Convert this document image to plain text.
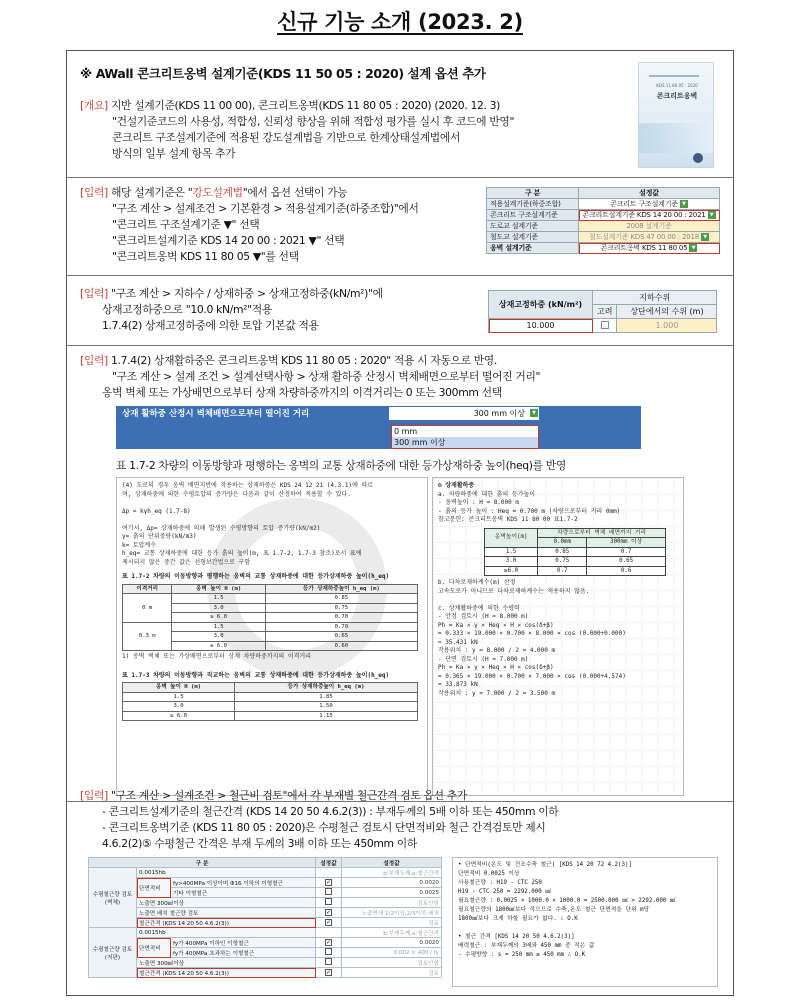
신규 기능 소개 (2023. 2)
※ AWall 콘크리트옹벽 설계기준(KDS 11 50 05 : 2020) 설계 옵션 추가
[개요] 지반 설계기준(KDS 11 00 00), 콘크리트옹벽(KDS 11 80 05 : 2020) (2020. 12. 3)
"건설기준코드의 사용성, 적합성, 신뢰성 향상을 위해 적합성 평가를 실시 후 코드에 반영"
콘크리트 구조설계기준에 적용된 강도설계법을 기반으로 한계상태설계법에서
방식의 일부 설계 항목 추가
KDS 11 80 05 : 2020
콘크리트옹벽
[입력] 해당 설계기준은 "강도설계법"에서 옵션 선택이 가능
"구조 계산 > 설계조건 > 기본환경 > 적용설계기준(하중조합)"에서
"콘크리트 구조설계기준 ▼" 선택
"콘크리트설계기준 KDS 14 20 00 : 2021 ▼" 선택
"콘크리트옹벽 KDS 11 80 05 ▼"를 선택
구 분	설정값
적용설계기준(하중조합)	콘크리트 구조설계기준 ▼
콘크리트 구조설계기준	콘크리트설계기준 KDS 14 20 00 : 2021 ▼
도로교 설계기준	2008 설계기준
철도교 설계기준	철도설계기준 KDS 47 00 00 : 2018 ▼
옹벽 설계기준	콘크리트옹벽 KDS 11 80 05 ▼
[입력] "구조 계산 > 지하수 / 상재하중 > 상재고정하중(kN/m²)"에
상재고정하중으로 "10.0 kN/m²"적용
1.7.4(2) 상재고정하중에 의한 토압 기본값 적용
상재고정하중 (kN/m²)	지하수위	
	고려	상단에서의 수위 (m)
10.000		1.000
[입력] 1.7.4(2) 상재활하중은 콘크리트옹벽 KDS 11 80 05 : 2020" 적용 시 자동으로 반영.
"구조 계산 > 설계 조건 > 설계선택사항 > 상재 활하중 산정시 벽체배면으로부터 떨어진 거리"
옹벽 벽체 또는 가상배면으로부터 상재 차량하중까지의 이격거리는 0 또는 300mm 선택
상재 활하중 산정시 벽체배면으로부터 떨어진 거리	300 mm 이상	▼
0 mm
300 mm 이상
표 1.7-2 차량의 이동방향과 평행하는 옹벽의 교통 상재하중에 대한 등가상재하중 높이(heq)를 반영
(4) 도로의 경우 옹벽 배면지반에 작용하는 상재하중은 KDS 24 12 21 (4.3.1)에 따르
며, 상재하중에 의한 수평토압의 증가량은 다음과 같이 산정하여 적용할 수 있다.

Δp = kγh_eq (1.7-8)

여기서, Δp= 상재하중에 의해 발생된 수평방향의 토압 증가량(kN/m2)
γ= 흙의 단위중량(kN/m3)
k= 토압계수
h_eq= 교통 상재하중에 대한 등가 흙의 높이(m, 표 1.7-2, 1.7-3 참조)로서 표에
제시되지 않은 중간 값은 선형보간법으로 구함
표 1.7-2 차량의 이동방향과 평행하는 옹벽의 교통 상재하중에 대한 등가상재하중 높이(h_eq)
이격거리	옹벽 높이 H (m)	등가 상재하중높이 h_eq (m)
0 m	1.5	0.85
	3.0	0.75
	≥ 6.0	0.70
0.3 m	1.5	0.70
	3.0	0.65
	≥ 6.0	0.60
1) 옹벽 벽체 또는 가상배면으로부터 상재 차량하중까지의 이격거리
표 1.7-3 차량의 이동방향과 직교하는 옹벽의 교통 상재하중에 대한 등가상재하중 높이(h_eq)
옹벽 높이 H (m)	등가 상재하중높이 h_eq (m)
1.5	1.85
3.0	1.50
≥ 6.0	1.15
⊙ 상재활하중
a. 차량하중에 대한 흙의 등가높이
- 옹벽높이 : H = 8.000 m
- 흙의 등가 높이 : Heq = 0.700 m (차량으로부터 거리 0mm)
참고문헌: 콘크리트옹벽 KDS 11 80 00 표1.7-2
옹벽높이(m)	차량으로부터 벽체 배면까지 거리	
	0.0mm	300mm 이상
1.5	0.85	0.7
3.0	0.75	0.65
≥6.0	0.7	0.6
b. 다차로재하계수(m) 산정
고속도로가 아니므로 다차로재하계수는 적용하지 않음.

c. 상재활하중에 의한 수평력
- 안정 검토시 (H = 8.000 m)
Ph = Ka × γ × Heq × H × cos(δ+β)
= 0.333 × 19.000 × 0.700 × 8.000 × cos (0.000+0.000)
= 35.431 kN
작용위치 : y = 8.000 / 2 = 4.000 m
- 단면 검토시 (H = 7.000 m)
Ph = Ka × γ × Heq × H × cos(δ+β)
= 0.365 × 19.000 × 0.700 × 7.000 × cos (0.000+4.574)
= 33.873 kN
작용위치 : y = 7.000 / 2 = 3.500 m
[입력] "구조 계산 > 설계조건 > 철근비 검토"에서 각 부재별 철근간격 검토 옵션 추가
- 콘크리트설계기준의 철근간격 (KDS 14 20 50 4.6.2(3)) : 부재두께의 5배 이하 또는 450mm 이하
- 콘크리트옹벽기준 (KDS 11 80 05 : 2020)은 수평철근 검토시 단면적비와 철근 간격검토만 제시
4.6.2(2)⑤ 수평철근 간격은 부재 두께의 3배 이하 또는 450mm 이하
구 분			설정값	설정값
수평철근량 검토
(벽체)	0.0015hb			b:부재두께,a:철근간격
	단면적비	fy>400MPa 이상이며 Φ16 이하의 이형철근	✓	0.0020
		기타 이형철근		0.0025
	노출면 300㎟이상			검토안함
	노출면 배치 철근량 검토		✓	노출면에 1/2이상,2/3이하 배치
	철근간격 (KDS 14 20 50 4.6.2(3))		✓	검토
수평철근량 검토
(저판)	0.0015hb			b:부재두께,a:철근간격
	단면적비	fy가 400MPa 이하인 이형철근	✓	0.0020
		fy가 400MPa 초과하는 이형철근		0.002 × 400 / fy
	노출면 300㎟이상			검토안함
	철근간격 (KDS 14 20 50 4.6.2(3))		✓	검토
• 단면적비(온도 및 건조수축 철근) [KDS 14 20 72 4.2(3)]
단면적비 0.0025 이상
사용철근량 : H19 - CTC 250
H19 - CTC 250 = 2292.000 ㎟
필요철근량 : 0.0025 × 1000.0 × 1000.0 = 2500.000 ㎟ > 2292.000 ㎟
필요철근량의 1800㎟보다 작으므로 수축,온도 철근 단면적을 단위 m당
1800㎟보다 크게 하할 필요가 없다. ∴ O.K

• 철근 간격 [KDS 14 20 50 4.6.2(3)]
배력철근 : 부재두께의 3배와 450 mm 중 작은 값
- 수평방향 : s = 250 mm ≤ 450 mm ∴ O.K
